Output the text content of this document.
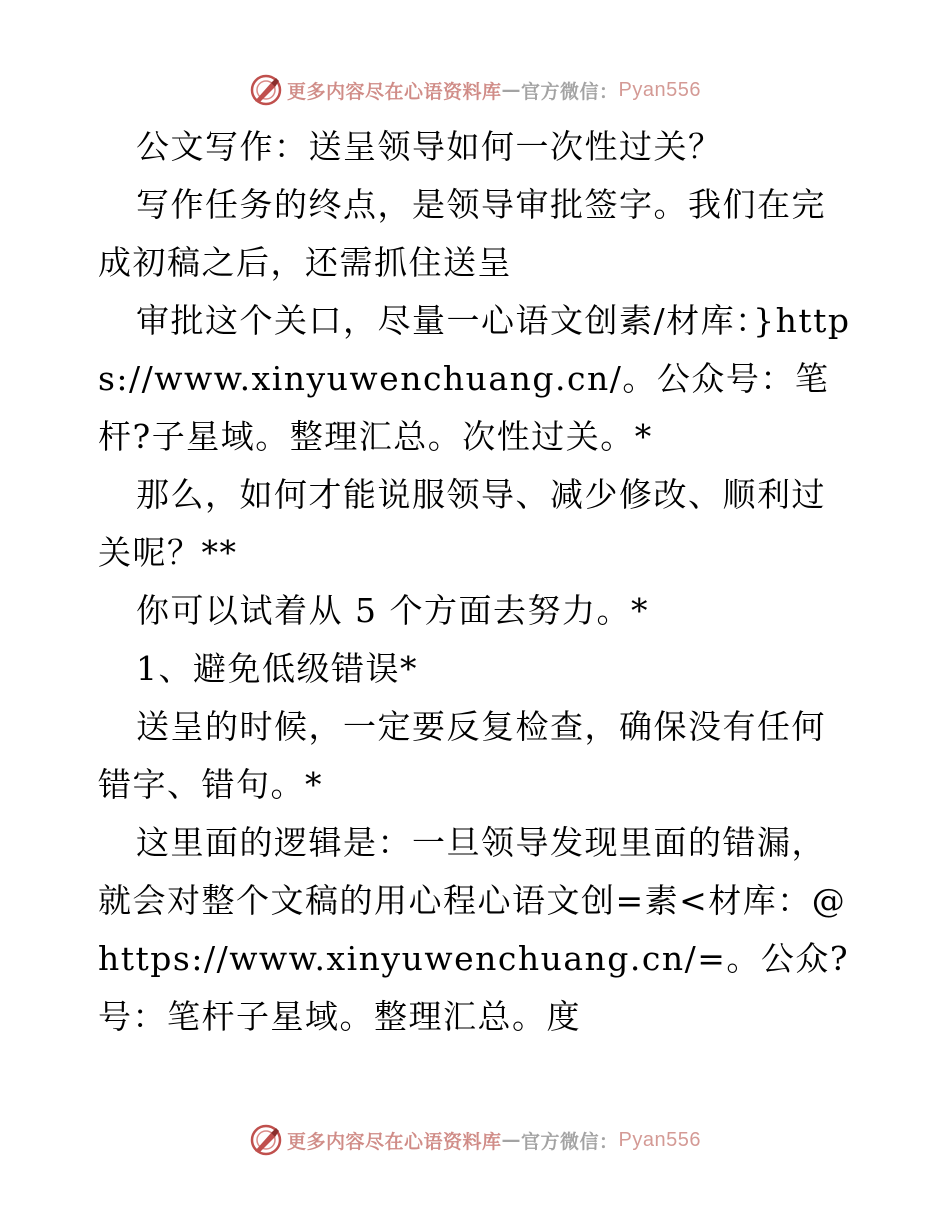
更多内容尽在心语资料库 — 官方微信： Pyan556

公文写作：送呈领导如何一次性过关？

写作任务的终点，是领导审批签字。我们在完成初稿之后，还需抓住送呈

审批这个关口，尽量一心语文创素/材库：}https://www.xinyuwenchuang.cn/。公众号：笔杆?子星域。整理汇总。次性过关。*

那么，如何才能说服领导、减少修改、顺利过关呢？**

你可以试着从 5 个方面去努力。*

1、避免低级错误*

送呈的时候，一定要反复检查，确保没有任何错字、错句。*

这里面的逻辑是：一旦领导发现里面的错漏，就会对整个文稿的用心程心语文创=素<材库：@https://www.xinyuwenchuang.cn/=。公众?号：笔杆子星域。整理汇总。度

更多内容尽在心语资料库 — 官方微信： Pyan556
